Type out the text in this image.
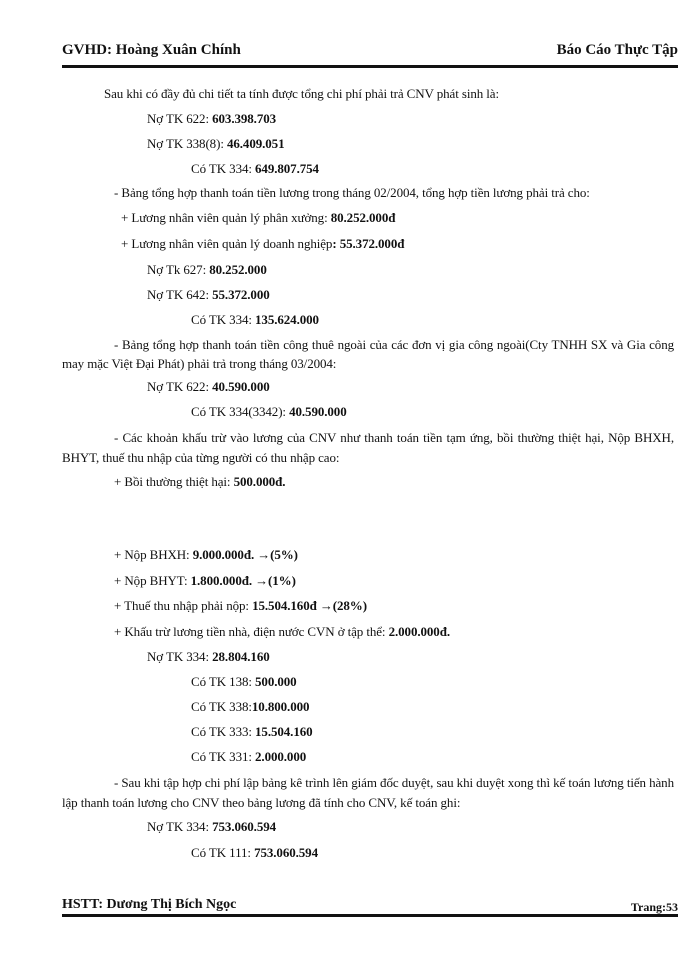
GVHD: Hoàng Xuân Chính	Báo Cáo Thực Tập
Sau khi có đầy đủ chi tiết ta tính được tổng chi phí phải trả CNV phát sinh là:
Nợ TK 622: 603.398.703
Nợ TK 338(8): 46.409.051
Có TK 334: 649.807.754
- Bảng tổng hợp thanh toán tiền lương trong tháng 02/2004, tổng hợp tiền lương phải trả cho:
+ Lương nhân viên quản lý phân xưởng: 80.252.000đ
+ Lương nhân viên quản lý doanh nghiệp: 55.372.000đ
Nợ Tk 627: 80.252.000
Nợ TK 642: 55.372.000
Có TK 334: 135.624.000
- Bảng tổng hợp thanh toán tiền công thuê ngoài của các đơn vị gia công ngoài(Cty TNHH SX và Gia công may mặc Việt Đại Phát) phải trả trong tháng 03/2004:
Nợ TK 622: 40.590.000
Có TK 334(3342): 40.590.000
- Các khoản khấu trừ vào lương của CNV như thanh toán tiền tạm ứng, bồi thường thiệt hại, Nộp BHXH, BHYT, thuế thu nhập của từng người có thu nhập cao:
+ Bồi thường thiệt hại: 500.000đ.
+ Nộp BHXH: 9.000.000đ. →(5%)
+ Nộp BHYT: 1.800.000đ. →(1%)
+ Thuế thu nhập phải nộp: 15.504.160đ →(28%)
+ Khấu trừ lương tiền nhà, điện nước CVN ở tập thể: 2.000.000đ.
Nợ TK 334: 28.804.160
Có TK 138: 500.000
Có TK 338:10.800.000
Có TK 333: 15.504.160
Có TK 331: 2.000.000
- Sau khi tập hợp chi phí lập bảng kê trình lên giám đốc duyệt, sau khi duyệt xong thì kế toán lương tiến hành lập thanh toán lương cho CNV theo bảng lương đã tính cho CNV, kế toán ghi:
Nợ TK 334: 753.060.594
Có TK 111: 753.060.594
HSTT: Dương Thị Bích Ngọc	Trang:53
